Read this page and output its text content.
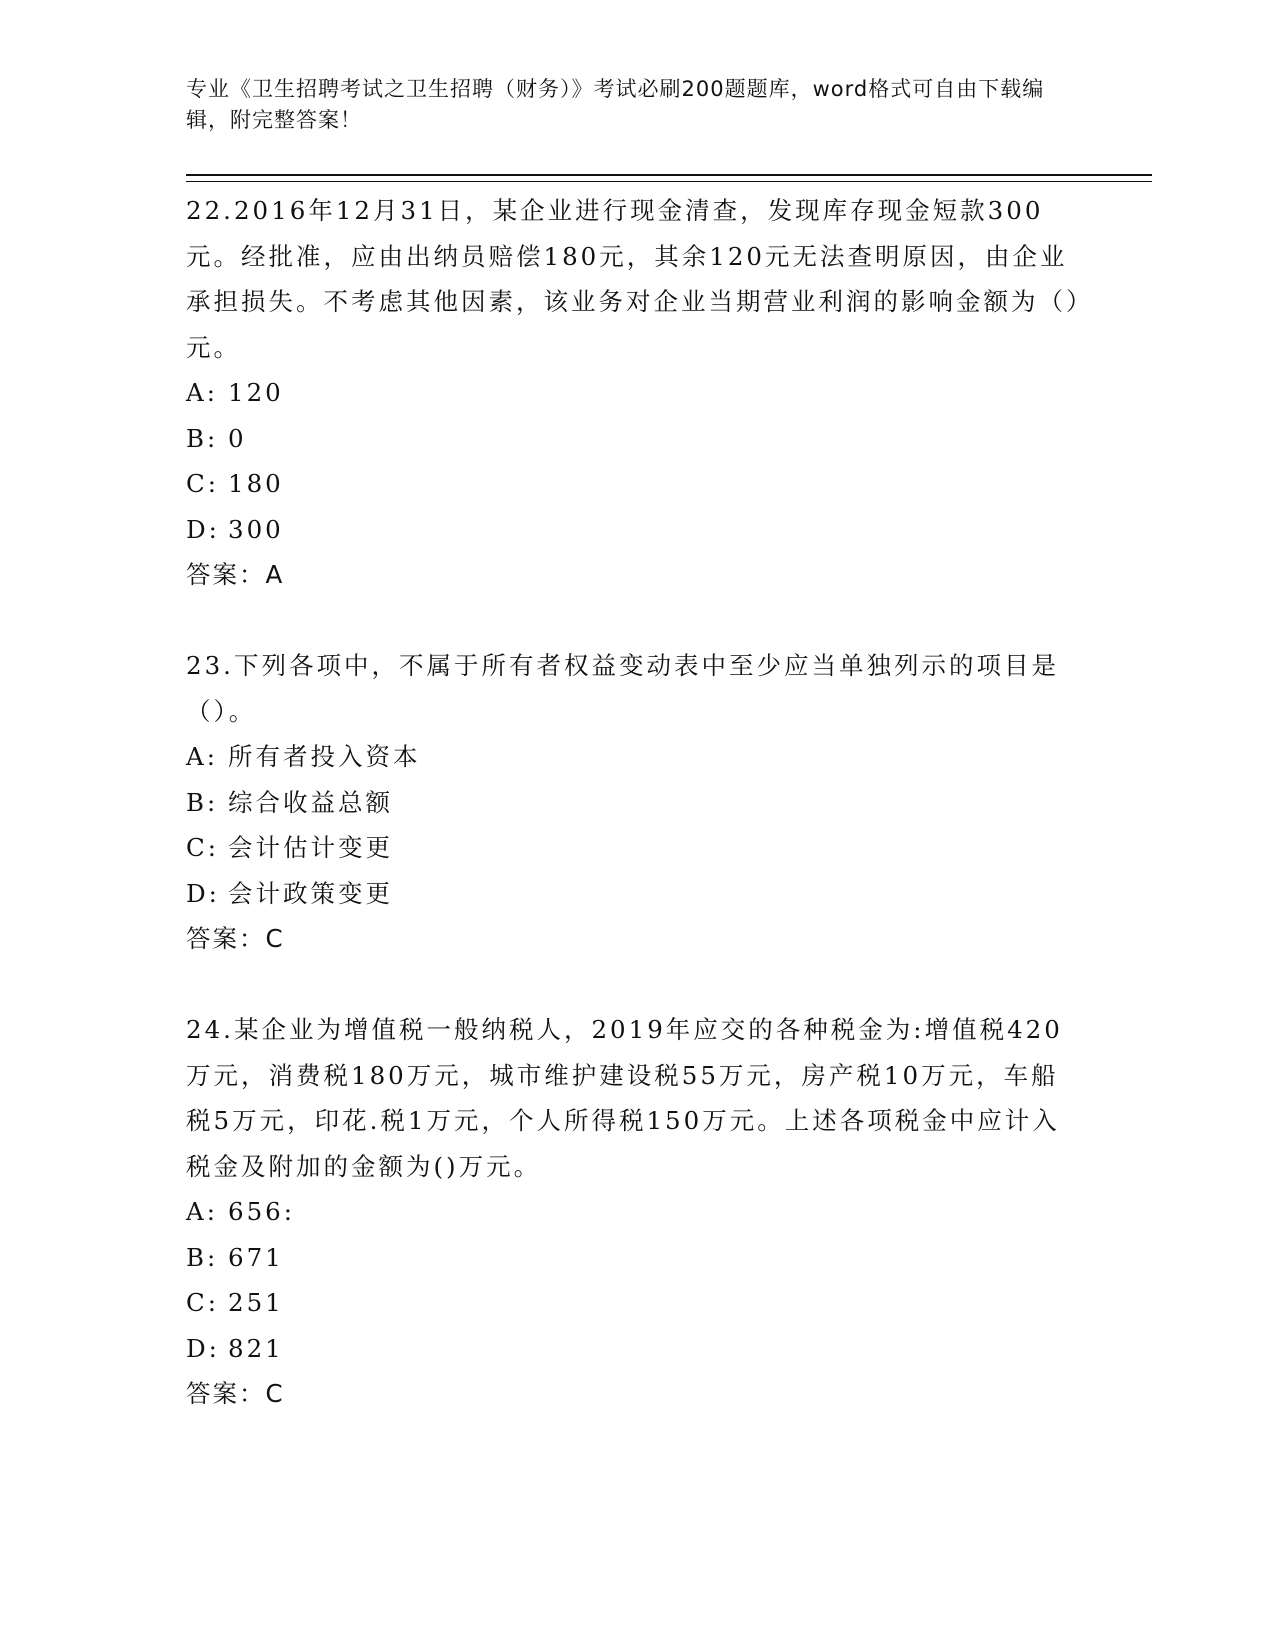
专业《卫生招聘考试之卫生招聘（财务）》考试必刷200题题库，word格式可自由下载编辑，附完整答案！

22.2016年12月31日，某企业进行现金清查，发现库存现金短款300元。经批准，应由出纳员赔偿180元，其余120元无法查明原因，由企业承担损失。不考虑其他因素，该业务对企业当期营业利润的影响金额为（）元。

A: 120
B: 0
C: 180
D: 300

答案：A

23.下列各项中，不属于所有者权益变动表中至少应当单独列示的项目是（）。

A: 所有者投入资本
B: 综合收益总额
C: 会计估计变更
D: 会计政策变更

答案：C

24.某企业为增值税一般纳税人，2019年应交的各种税金为:增值税420万元，消费税180万元，城市维护建设税55万元，房产税10万元，车船税5万元，印花.税1万元，个人所得税150万元。上述各项税金中应计入税金及附加的金额为()万元。

A: 656:
B: 671
C: 251
D: 821

答案：C
